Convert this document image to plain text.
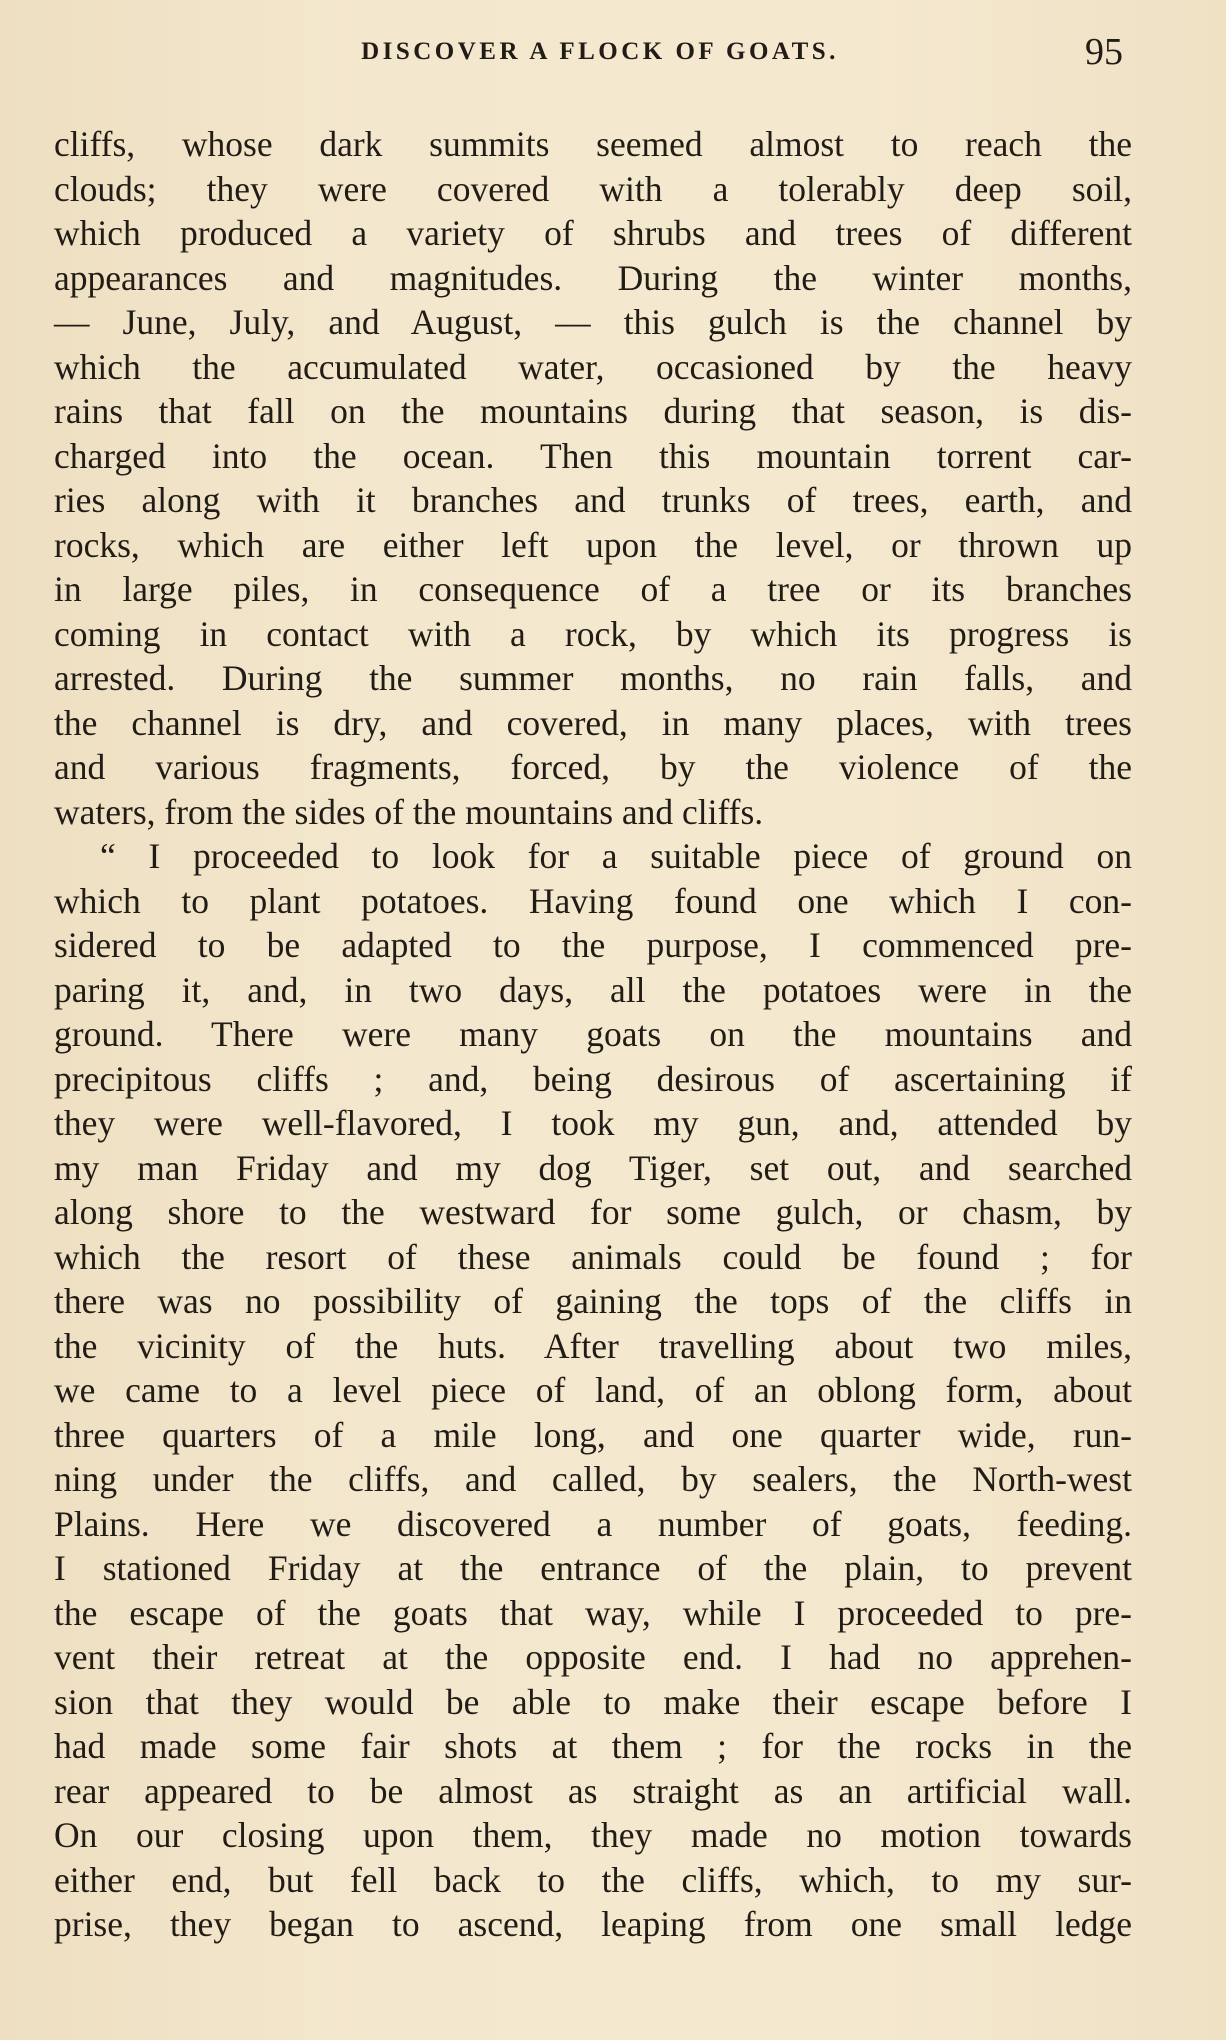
DISCOVER A FLOCK OF GOATS.	95
cliffs, whose dark summits seemed almost to reach the
clouds; they were covered with a tolerably deep soil,
which produced a variety of shrubs and trees of different
appearances and magnitudes. During the winter months,
— June, July, and August, — this gulch is the channel by
which the accumulated water, occasioned by the heavy
rains that fall on the mountains during that season, is dis-
charged into the ocean. Then this mountain torrent car-
ries along with it branches and trunks of trees, earth, and
rocks, which are either left upon the level, or thrown up
in large piles, in consequence of a tree or its branches
coming in contact with a rock, by which its progress is
arrested. During the summer months, no rain falls, and
the channel is dry, and covered, in many places, with trees
and various fragments, forced, by the violence of the
waters, from the sides of the mountains and cliffs.
“ I proceeded to look for a suitable piece of ground on
which to plant potatoes. Having found one which I con-
sidered to be adapted to the purpose, I commenced pre-
paring it, and, in two days, all the potatoes were in the
ground. There were many goats on the mountains and
precipitous cliffs ; and, being desirous of ascertaining if
they were well-flavored, I took my gun, and, attended by
my man Friday and my dog Tiger, set out, and searched
along shore to the westward for some gulch, or chasm, by
which the resort of these animals could be found ; for
there was no possibility of gaining the tops of the cliffs in
the vicinity of the huts. After travelling about two miles,
we came to a level piece of land, of an oblong form, about
three quarters of a mile long, and one quarter wide, run-
ning under the cliffs, and called, by sealers, the North-west
Plains. Here we discovered a number of goats, feeding.
I stationed Friday at the entrance of the plain, to prevent
the escape of the goats that way, while I proceeded to pre-
vent their retreat at the opposite end. I had no apprehen-
sion that they would be able to make their escape before I
had made some fair shots at them ; for the rocks in the
rear appeared to be almost as straight as an artificial wall.
On our closing upon them, they made no motion towards
either end, but fell back to the cliffs, which, to my sur-
prise, they began to ascend, leaping from one small ledge
